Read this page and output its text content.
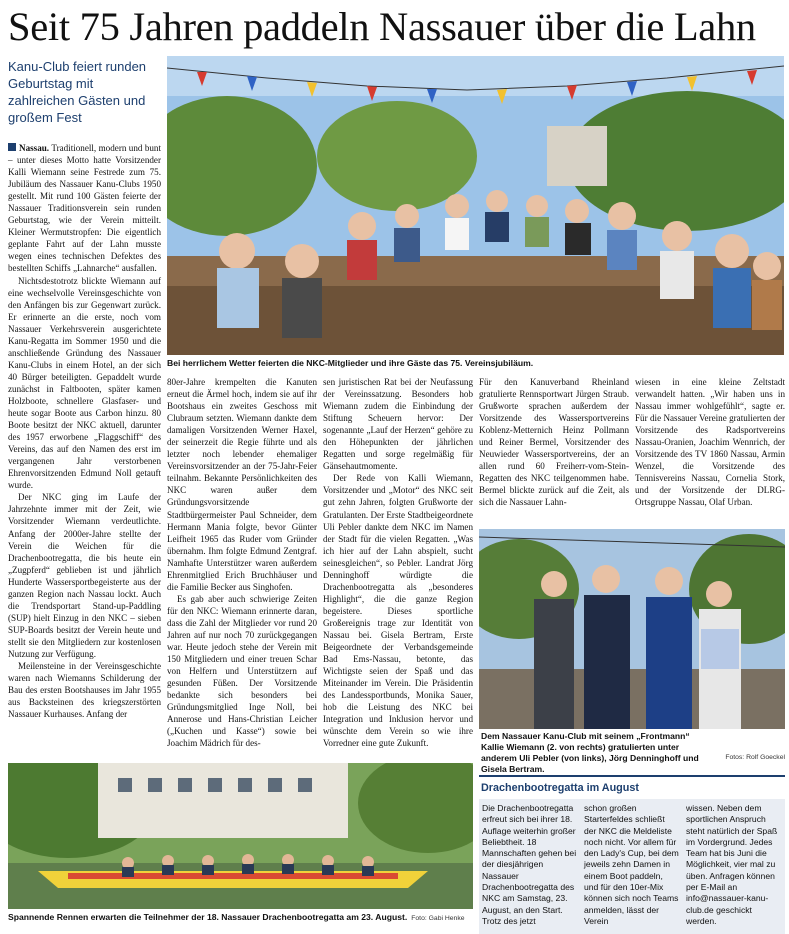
Seit 75 Jahren paddeln Nassauer über die Lahn
Kanu-Club feiert runden Geburtstag mit zahlreichen Gästen und großem Fest

Nassau. Traditionell, modern und bunt – unter dieses Motto hatte Vorsitzender Kalli Wiemann seine Festrede zum 75. Jubiläum des Nassauer Kanu-Clubs 1950 gestellt. Mit rund 100 Gästen feierte der Nassauer Traditionsverein sein runden Geburtstag, wie der Verein mitteilt. Kleiner Wermutstropfen: Die eigentlich geplante Fahrt auf der Lahn musste wegen eines technischen Defektes des bestellten Schiffs „Lahnarche“ ausfallen.

Nichtsdestotrotz blickte Wiemann auf eine wechselvolle Vereinsgeschichte von den Anfängen bis zur Gegenwart zurück. Er erinnerte an die erste, noch vom Nassauer Verkehrsverein ausgerichtete Kanu-Regatta im Sommer 1950 und die anschließende Gründung des Nassauer Kanu-Clubs in einem Hotel, an der sich 40 Bürger beteiligten. Gepaddelt wurde zunächst in Faltbooten, später kamen Holzboote, schnellere Glasfaser- und heute sogar Boote aus Carbon hinzu. 80 Boote besitzt der NKC aktuell, darunter des 1957 erworbene „Flaggschiff“ des Vereins, das auf den Namen des erst im vergangenen Jahr verstorbenen Ehrenvorsitzenden Edmund Noll getauft wurde.

Der NKC ging im Laufe der Jahrzehnte immer mit der Zeit, wie Vorsitzender Wiemann verdeutlichte. Anfang der 2000er-Jahre stellte der Verein die Weichen für die Drachenbootregatta, die bis heute ein „Zugpferd“ geblieben ist und jährlich Hunderte Wassersportbegeisterte aus der ganzen Region nach Nassau lockt. Auch die Trendsportart Stand-up-Paddling (SUP) hielt Einzug in den NKC – sieben SUP-Boards besitzt der Verein heute und stellt sie den Mitgliedern zur kostenlosen Nutzung zur Verfügung.

Meilensteine in der Vereinsgeschichte waren nach Wiemanns Schilderung der Bau des ersten Bootshauses im Jahr 1955 aus Backsteinen des kriegszerstörten Nassauer Kurhauses. Anfang der

Bei herrlichem Wetter feierten die NKC-Mitglieder und ihre Gäste das 75. Vereinsjubiläum.

80er-Jahre krempelten die Kanuten erneut die Ärmel hoch, indem sie auf ihr Bootshaus ein zweites Geschoss mit Clubraum setzten. Wiemann dankte dem damaligen Vorsitzenden Werner Haxel, der seinerzeit die Regie führte und als letzter noch lebender ehemaliger Vereinsvorsitzender an der 75-Jahr-Feier teilnahm. Bekannte Persönlichkeiten des NKC waren außer dem Gründungsvorsitzende Stadtbürgermeister Paul Schneider, dem Hermann Mania folgte, bevor Günter Leifheit 1965 das Ruder vom Gründer übernahm. Ihm folgte Edmund Zentgraf. Namhafte Unterstützer waren außerdem Ehrenmitglied Erich Bruchhäuser und die Familie Becker aus Singhofen.

Es gab aber auch schwierige Zeiten für den NKC: Wiemann erinnerte daran, dass die Zahl der Mitglieder vor rund 20 Jahren auf nur noch 70 zurückgegangen war. Heute jedoch stehe der Verein mit 150 Mitgliedern und einer treuen Schar von Helfern und Unterstützern auf gesunden Füßen. Der Vorsitzende bedankte sich besonders bei Gründungsmitglied Inge Noll, bei Annerose und Hans-Christian Leicher („Kuchen und Kasse“) sowie bei Joachim Mädrich für des-

sen juristischen Rat bei der Neufassung der Vereinssatzung. Besonders hob Wiemann zudem die Einbindung der Stiftung Scheuern hervor: Der sogenannte „Lauf der Herzen“ gehöre zu den Höhepunkten der jährlichen Regatten und sorge regelmäßig für Gänsehautmomente.

Der Rede von Kalli Wiemann, Vorsitzender und „Motor“ des NKC seit gut zehn Jahren, folgten Grußworte der Gratulanten. Der Erste Stadtbeigeordnete Uli Pebler dankte dem NKC im Namen der Stadt für die vielen Regatten. „Was ich hier auf der Lahn abspielt, sucht seinesgleichen“, so Pebler. Landrat Jörg Denninghoff würdigte die Drachenbootregatta als „besonderes Highlight“, die die ganze Region begeistere. Dieses sportliche Großereignis trage zur Identität von Nassau bei. Gisela Bertram, Erste Beigeordnete der Verbandsgemeinde Bad Ems-Nassau, betonte, das Wichtigste seien der Spaß und das Miteinander im Verein. Die Präsidentin des Landessportbunds, Monika Sauer, hob die Leistung des NKC bei Integration und Inklusion hervor und wünschte dem Verein so wie ihre Vorredner eine gute Zukunft.

Für den Kanuverband Rheinland gratulierte Rennsportwart Jürgen Straub. Grußworte sprachen außerdem der Vorsitzende des Wassersportvereins Koblenz-Metternich Heinz Pollmann und Reiner Bermel, Vorsitzender des Neuwieder Wassersportvereins, der an allen rund 60 Freiherr-vom-Stein-Regatten des NKC teilgenommen habe. Bermel blickte zurück auf die Zeit, als sich die Nassauer Lahn-

wiesen in eine kleine Zeltstadt verwandelt hatten. „Wir haben uns in Nassau immer wohlgefühlt“, sagte er. Für die Nassauer Vereine gratulierten der Vorsitzende des Radsportvereins Nassau-Oranien, Joachim Wennrich, der Vorsitzende des TV 1860 Nassau, Armin Wenzel, die Vorsitzende des Tennisvereins Nassau, Cornelia Stork, und der Vorsitzende der DLRG-Ortsgruppe Nassau, Olaf Urban.

Dem Nassauer Kanu-Club mit seinem „Frontmann“ Kallie Wiemann (2. von rechts) gratulierten unter anderem Uli Pebler (von links), Jörg Denninghoff und Gisela Bertram.
Fotos: Rolf Goeckel
Spannende Rennen erwarten die Teilnehmer der 18. Nassauer Drachenbootregatta am 23. August. Foto: Gabi Henke
Drachenbootregatta im August
Die Drachenbootregatta erfreut sich bei ihrer 18. Auflage weiterhin großer Beliebtheit. 18 Mannschaften gehen bei der diesjährigen Nassauer Drachenbootregatta des NKC am Samstag, 23. August, an den Start. Trotz des jetzt
schon großen Starterfeldes schließt der NKC die Meldeliste noch nicht. Vor allem für den Lady's Cup, bei dem jeweils zehn Damen in einem Boot paddeln, und für den 10er-Mix können sich noch Teams anmelden, lässt der Verein
wissen. Neben dem sportlichen Anspruch steht natürlich der Spaß im Vordergrund. Jedes Team hat bis Juni die Möglichkeit, vier mal zu üben. Anfragen können per E-Mail an info@nassauer-kanu-club.de geschickt werden.
